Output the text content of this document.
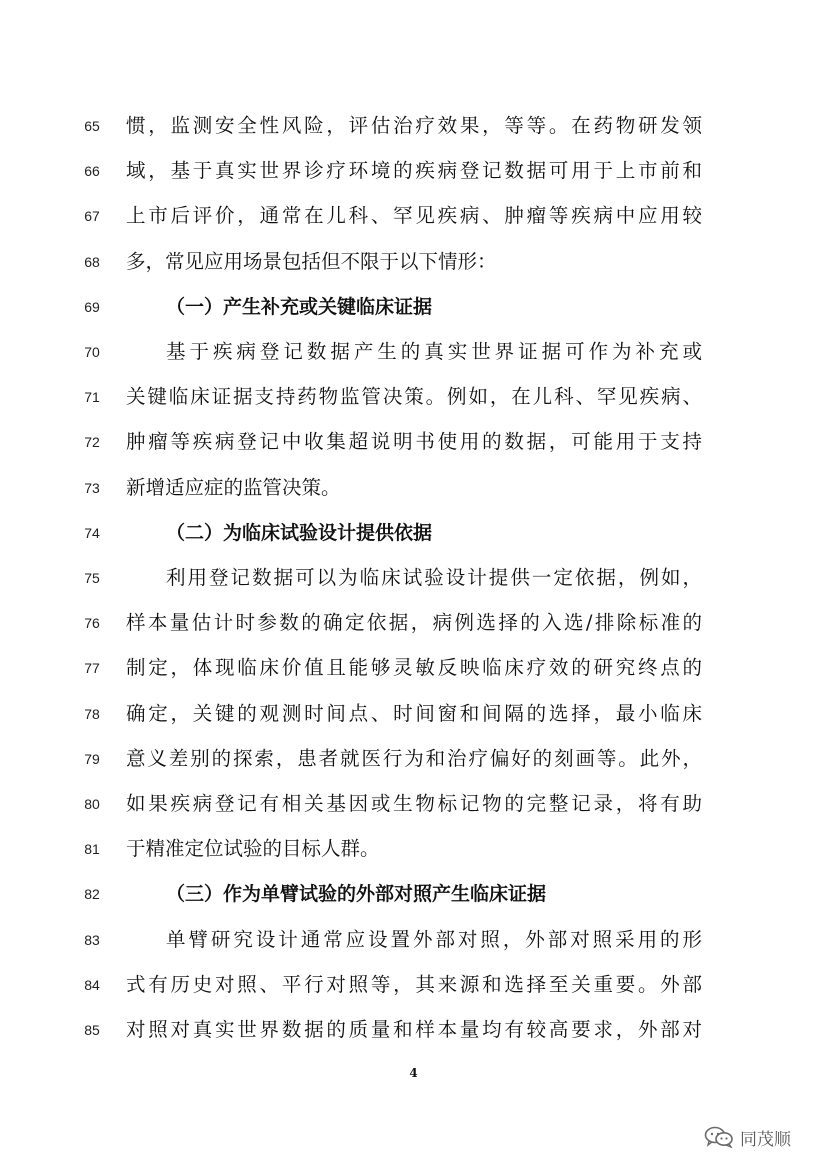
65	惯，监测安全性风险，评估治疗效果，等等。在药物研发领
66	域，基于真实世界诊疗环境的疾病登记数据可用于上市前和
67	上市后评价，通常在儿科、罕见疾病、肿瘤等疾病中应用较
68	多，常见应用场景包括但不限于以下情形：
69	（一）产生补充或关键临床证据
70	基于疾病登记数据产生的真实世界证据可作为补充或
71	关键临床证据支持药物监管决策。例如，在儿科、罕见疾病、
72	肿瘤等疾病登记中收集超说明书使用的数据，可能用于支持
73	新增适应症的监管决策。
74	（二）为临床试验设计提供依据
75	利用登记数据可以为临床试验设计提供一定依据，例如，
76	样本量估计时参数的确定依据，病例选择的入选/排除标准的
77	制定，体现临床价值且能够灵敏反映临床疗效的研究终点的
78	确定，关键的观测时间点、时间窗和间隔的选择，最小临床
79	意义差别的探索，患者就医行为和治疗偏好的刻画等。此外，
80	如果疾病登记有相关基因或生物标记物的完整记录，将有助
81	于精准定位试验的目标人群。
82	（三）作为单臂试验的外部对照产生临床证据
83	单臂研究设计通常应设置外部对照，外部对照采用的形
84	式有历史对照、平行对照等，其来源和选择至关重要。外部
85	对照对真实世界数据的质量和样本量均有较高要求，外部对
4
同茂顺
